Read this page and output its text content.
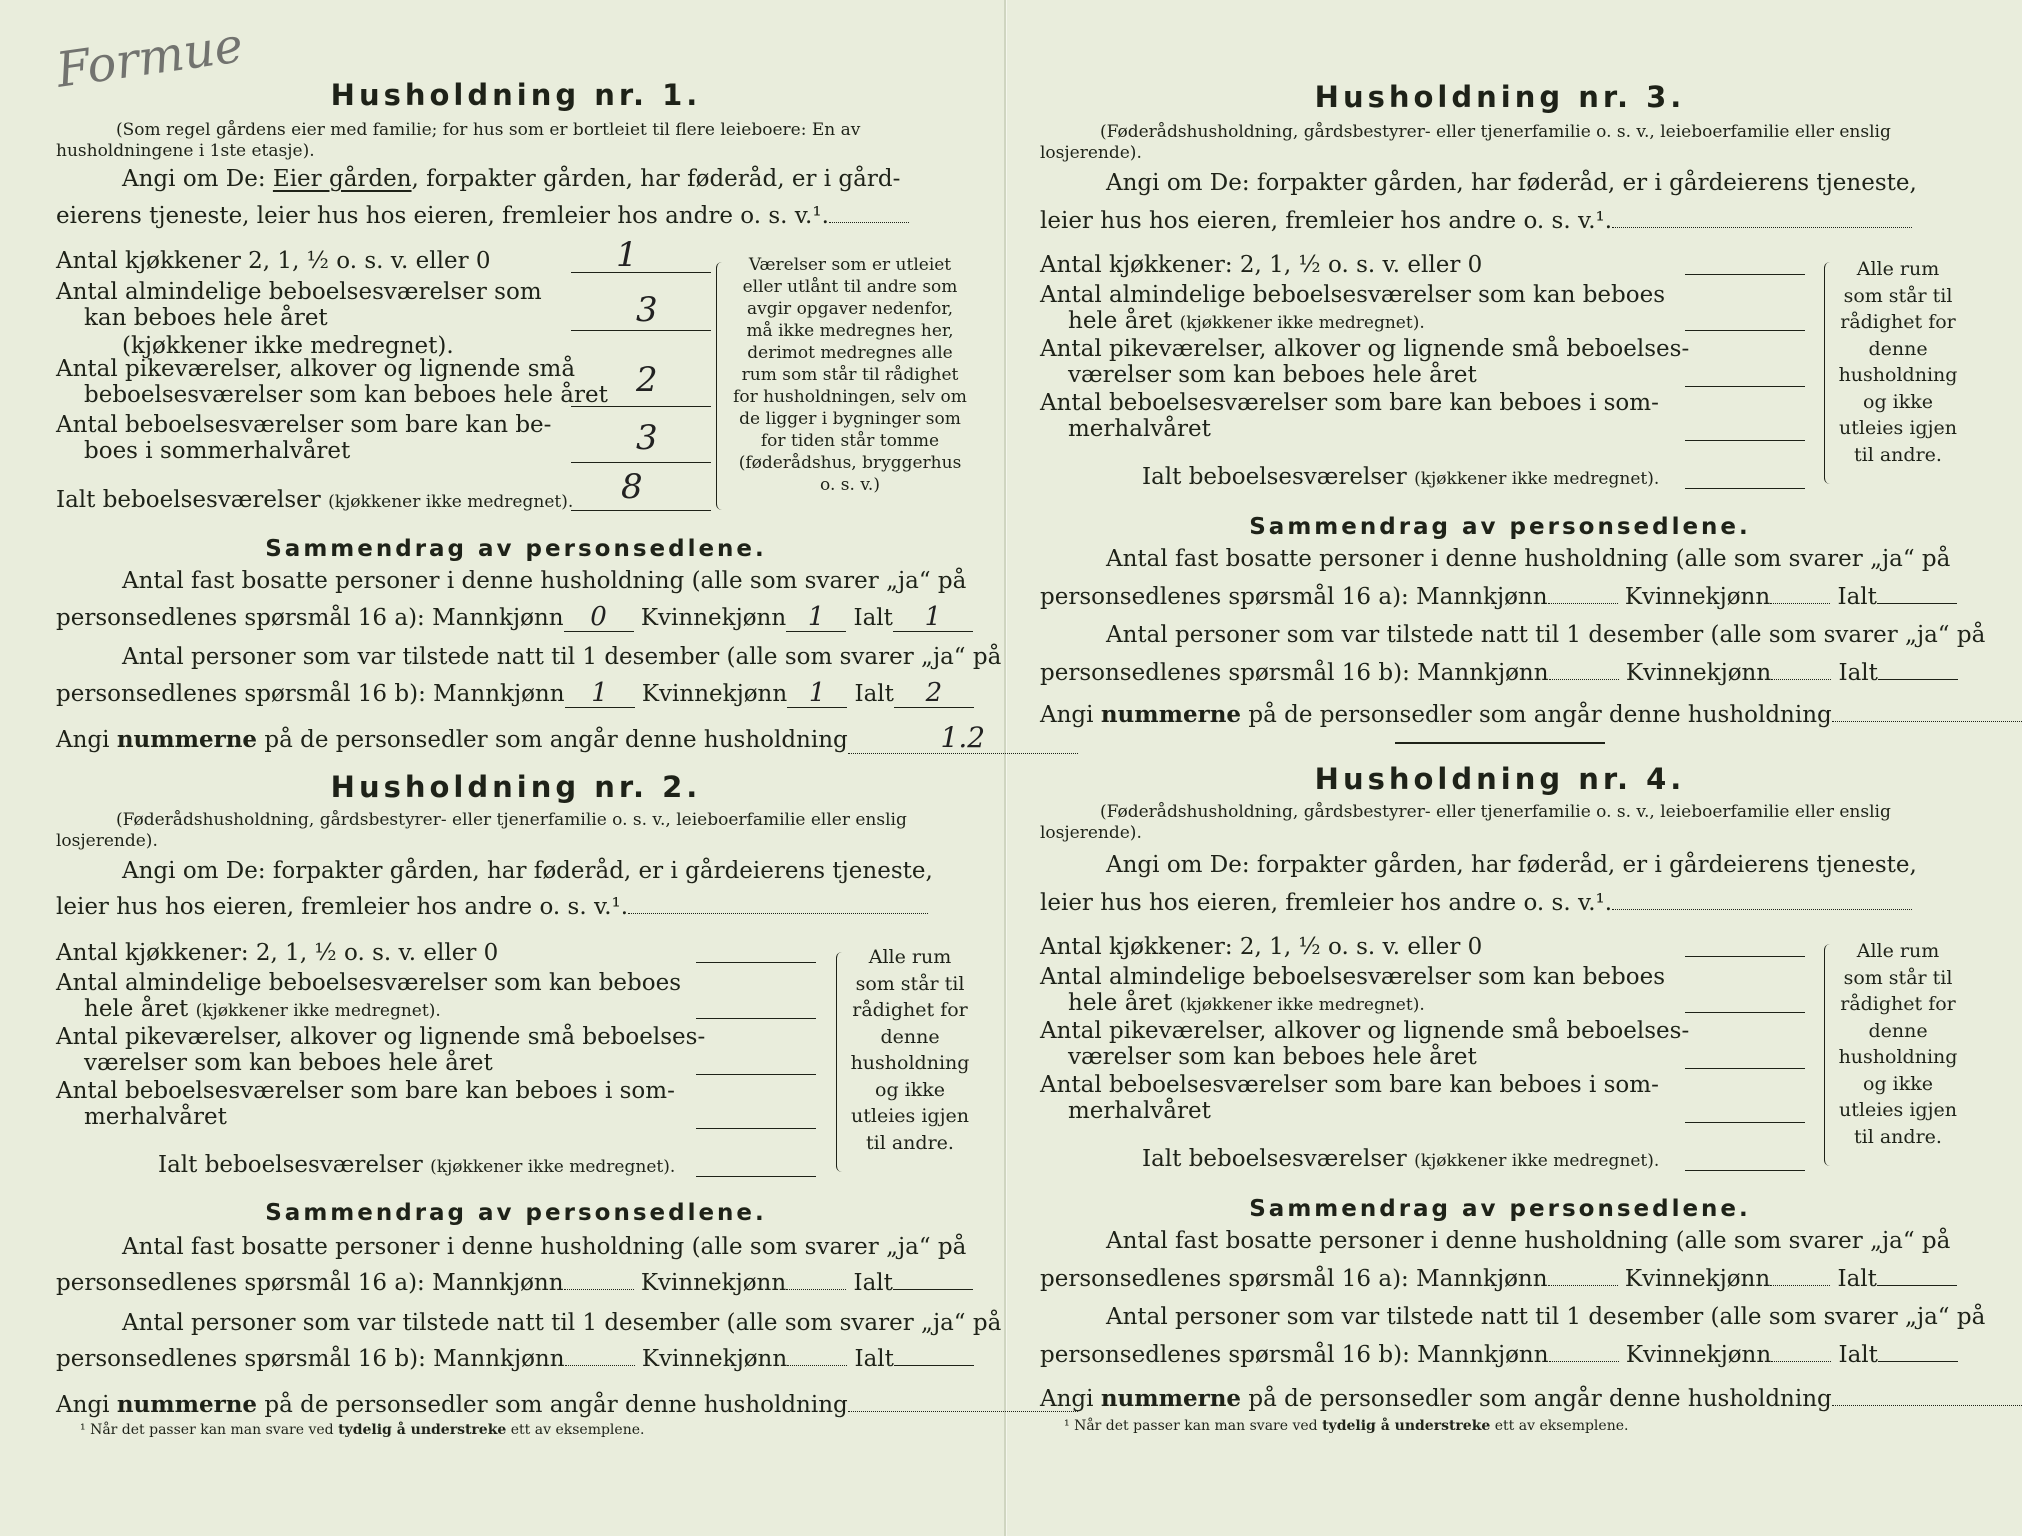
Formue	Husholdning nr. 1.
(Som regel gårdens eier med familie; for hus som er bortleiet til flere leieboere: En av husholdningene i 1ste etasje).
Angi om De: Eier gården, forpakter gården, har føderåd, er i gård-
eierens tjeneste, leier hus hos eieren, fremleier hos andre o. s. v.¹.
Antal kjøkkener 2, 1, ½ o. s. v. eller 0	1
Antal almindelige beboelsesværelser som
kan beboes hele året
(kjøkkener ikke medregnet).
3
Antal pikeværelser, alkover og lignende små
beboelsesværelser som kan beboes hele året 2
Antal beboelsesværelser som bare kan be-
boes i sommerhalvåret	3
Ialt beboelsesværelser (kjøkkener ikke medregnet). 8
Værelser som er utleiet eller utlånt til andre som avgir opgaver nedenfor, må ikke medregnes her, derimot medregnes alle rum som står til rådighet for husholdningen, selv om de ligger i bygninger som for tiden står tomme (føderådshus, bryggerhus o. s. v.)
Sammendrag av personsedlene.
Antal fast bosatte personer i denne husholdning (alle som svarer „ja“ på
personsedlenes spørsmål 16 a): Mannkjønn 0 Kvinnekjønn 1 Ialt 1
Antal personer som var tilstede natt til 1 desember (alle som svarer „ja“ på
personsedlenes spørsmål 16 b): Mannkjønn 1 Kvinnekjønn 1 Ialt 2
Angi nummerne på de personsedler som angår denne husholdning	1.2
Husholdning nr. 2.
(Føderådshusholdning, gårdsbestyrer- eller tjenerfamilie o. s. v., leieboerfamilie eller enslig losjerende).
Angi om De: forpakter gården, har føderåd, er i gårdeierens tjeneste,
leier hus hos eieren, fremleier hos andre o. s. v.¹.
Antal kjøkkener: 2, 1, ½ o. s. v. eller 0
Antal almindelige beboelsesværelser som kan beboes
hele året (kjøkkener ikke medregnet).
Antal pikeværelser, alkover og lignende små beboelses-
værelser som kan beboes hele året
Antal beboelsesværelser som bare kan beboes i som-
merhalvåret
Ialt beboelsesværelser (kjøkkener ikke medregnet).
Alle rum som står til rådighet for denne husholdning og ikke utleies igjen til andre.
Sammendrag av personsedlene.
Antal fast bosatte personer i denne husholdning (alle som svarer „ja“ på
personsedlenes spørsmål 16 a): Mannkjønn	Kvinnekjønn	Ialt
Antal personer som var tilstede natt til 1 desember (alle som svarer „ja“ på
personsedlenes spørsmål 16 b): Mannkjønn	Kvinnekjønn	Ialt
Angi nummerne på de personsedler som angår denne husholdning
¹ Når det passer kan man svare ved tydelig å understreke ett av eksemplene.
Husholdning nr. 3.
(Føderådshusholdning, gårdsbestyrer- eller tjenerfamilie o. s. v., leieboerfamilie eller enslig losjerende).
Angi om De: forpakter gården, har føderåd, er i gårdeierens tjeneste,
leier hus hos eieren, fremleier hos andre o. s. v.¹.
Antal kjøkkener: 2, 1, ½ o. s. v. eller 0
Antal almindelige beboelsesværelser som kan beboes
hele året (kjøkkener ikke medregnet).
Antal pikeværelser, alkover og lignende små beboelses-
værelser som kan beboes hele året
Antal beboelsesværelser som bare kan beboes i som-
merhalvåret
Ialt beboelsesværelser (kjøkkener ikke medregnet).
Alle rum som står til rådighet for denne husholdning og ikke utleies igjen til andre.
Sammendrag av personsedlene.
Antal fast bosatte personer i denne husholdning (alle som svarer „ja“ på
personsedlenes spørsmål 16 a): Mannkjønn	Kvinnekjønn	Ialt
Antal personer som var tilstede natt til 1 desember (alle som svarer „ja“ på
personsedlenes spørsmål 16 b): Mannkjønn	Kvinnekjønn	Ialt
Angi nummerne på de personsedler som angår denne husholdning
Husholdning nr. 4.
(Føderådshusholdning, gårdsbestyrer- eller tjenerfamilie o. s. v., leieboerfamilie eller enslig losjerende).
Angi om De: forpakter gården, har føderåd, er i gårdeierens tjeneste,
leier hus hos eieren, fremleier hos andre o. s. v.¹.
Antal kjøkkener: 2, 1, ½ o. s. v. eller 0
Antal almindelige beboelsesværelser som kan beboes
hele året (kjøkkener ikke medregnet).
Antal pikeværelser, alkover og lignende små beboelses-
værelser som kan beboes hele året
Antal beboelsesværelser som bare kan beboes i som-
merhalvåret
Ialt beboelsesværelser (kjøkkener ikke medregnet).
Alle rum som står til rådighet for denne husholdning og ikke utleies igjen til andre.
Sammendrag av personsedlene.
Antal fast bosatte personer i denne husholdning (alle som svarer „ja“ på
personsedlenes spørsmål 16 a): Mannkjønn	Kvinnekjønn	Ialt
Antal personer som var tilstede natt til 1 desember (alle som svarer „ja“ på
personsedlenes spørsmål 16 b): Mannkjønn	Kvinnekjønn	Ialt
Angi nummerne på de personsedler som angår denne husholdning
¹ Når det passer kan man svare ved tydelig å understreke ett av eksemplene.
